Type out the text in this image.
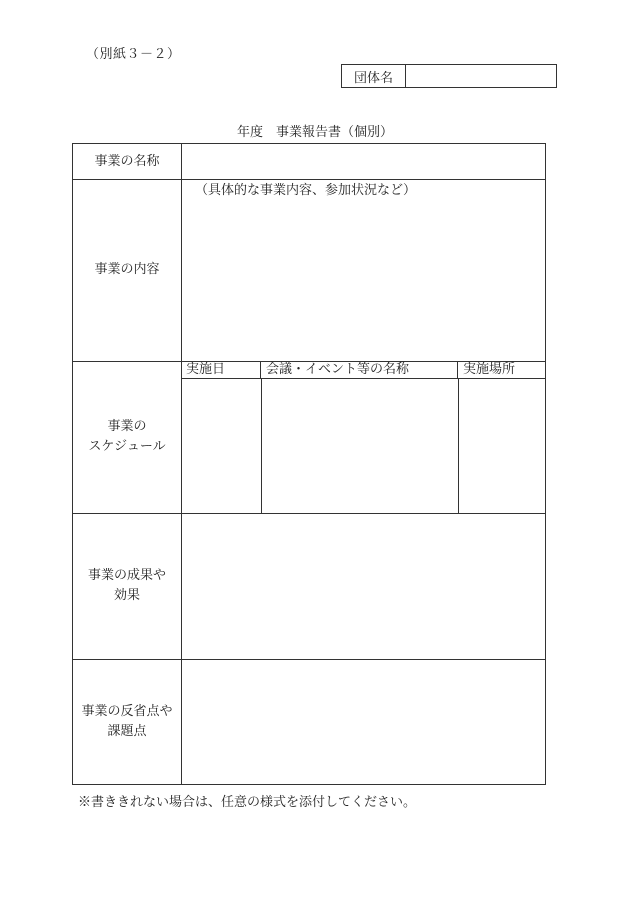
（別紙３－２）
団体名
年度　事業報告書（個別）
事業の名称
事業の内容
（具体的な事業内容、参加状況など）
事業の
スケジュール
実施日	会議・イベント等の名称	実施場所
事業の成果や
効果
事業の反省点や
課題点
※書ききれない場合は、任意の様式を添付してください。
